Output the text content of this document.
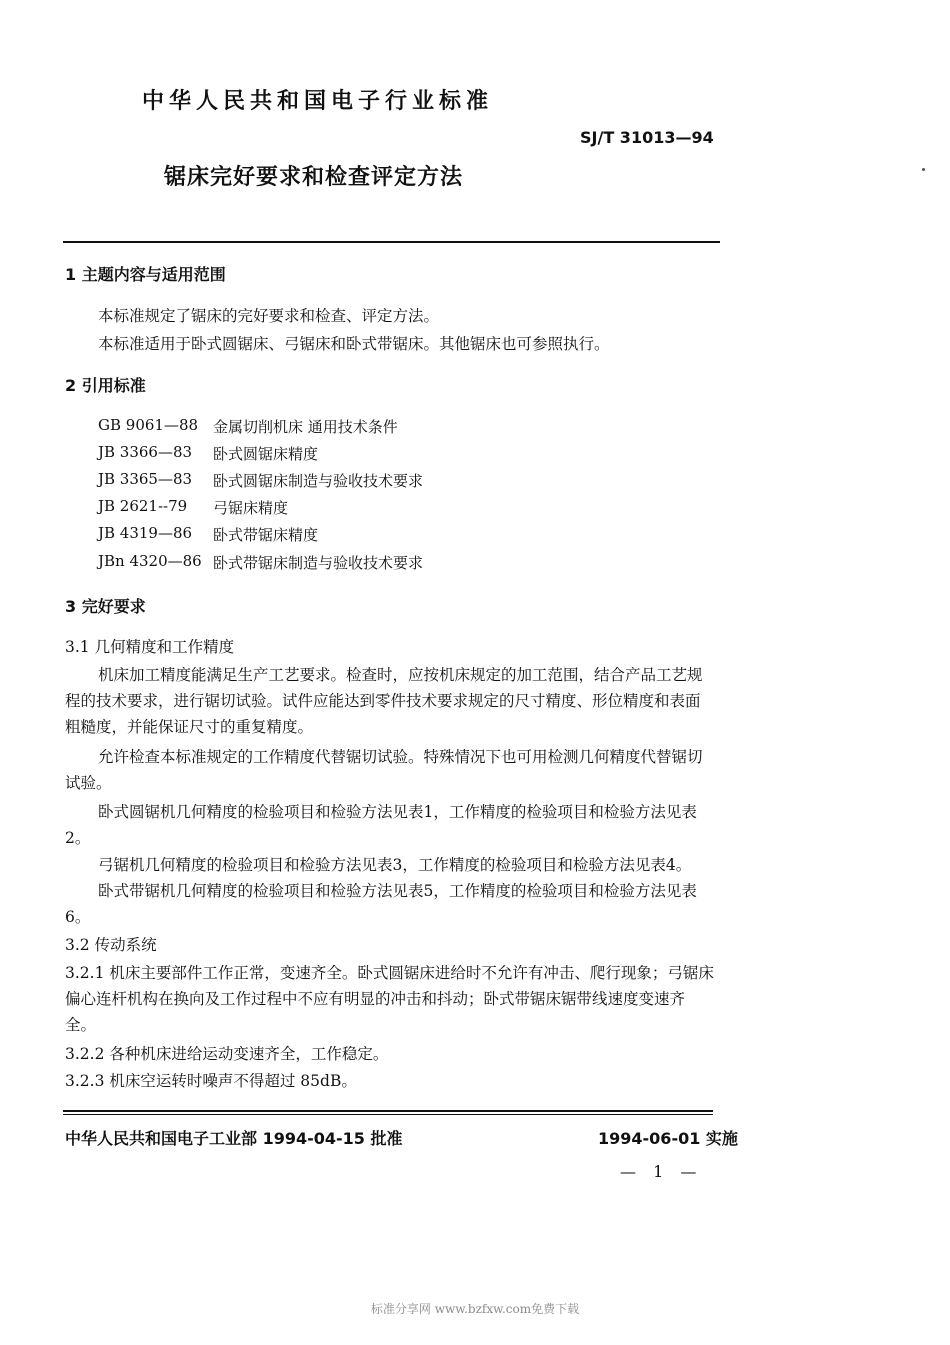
中华人民共和国电子行业标准
SJ/T 31013—94
锯床完好要求和检查评定方法
1 主题内容与适用范围
本标准规定了锯床的完好要求和检查、评定方法。
本标准适用于卧式圆锯床、弓锯床和卧式带锯床。其他锯床也可参照执行。
2 引用标准
GB 9061—88 金属切削机床 通用技术条件
JB 3366—83 卧式圆锯床精度
JB 3365—83 卧式圆锯床制造与验收技术要求
JB 2621--79 弓锯床精度
JB 4319—86 卧式带锯床精度
JBn 4320—86 卧式带锯床制造与验收技术要求
3 完好要求
3.1 几何精度和工作精度
机床加工精度能满足生产工艺要求。检查时，应按机床规定的加工范围，结合产品工艺规程的技术要求，进行锯切试验。试件应能达到零件技术要求规定的尺寸精度、形位精度和表面粗糙度，并能保证尺寸的重复精度。
允许检查本标准规定的工作精度代替锯切试验。特殊情况下也可用检测几何精度代替锯切试验。
卧式圆锯机几何精度的检验项目和检验方法见表1，工作精度的检验项目和检验方法见表2。
弓锯机几何精度的检验项目和检验方法见表3，工作精度的检验项目和检验方法见表4。
卧式带锯机几何精度的检验项目和检验方法见表5，工作精度的检验项目和检验方法见表6。
3.2 传动系统
3.2.1 机床主要部件工作正常，变速齐全。卧式圆锯床进给时不允许有冲击、爬行现象；弓锯床偏心连杆机构在换向及工作过程中不应有明显的冲击和抖动；卧式带锯床锯带线速度变速齐全。
3.2.2 各种机床进给运动变速齐全，工作稳定。
3.2.3 机床空运转时噪声不得超过 85dB。
中华人民共和国电子工业部 1994-04-15 批准	1994-06-01 实施
— 1 —
标准分享网 www.bzfxw.com免费下载
